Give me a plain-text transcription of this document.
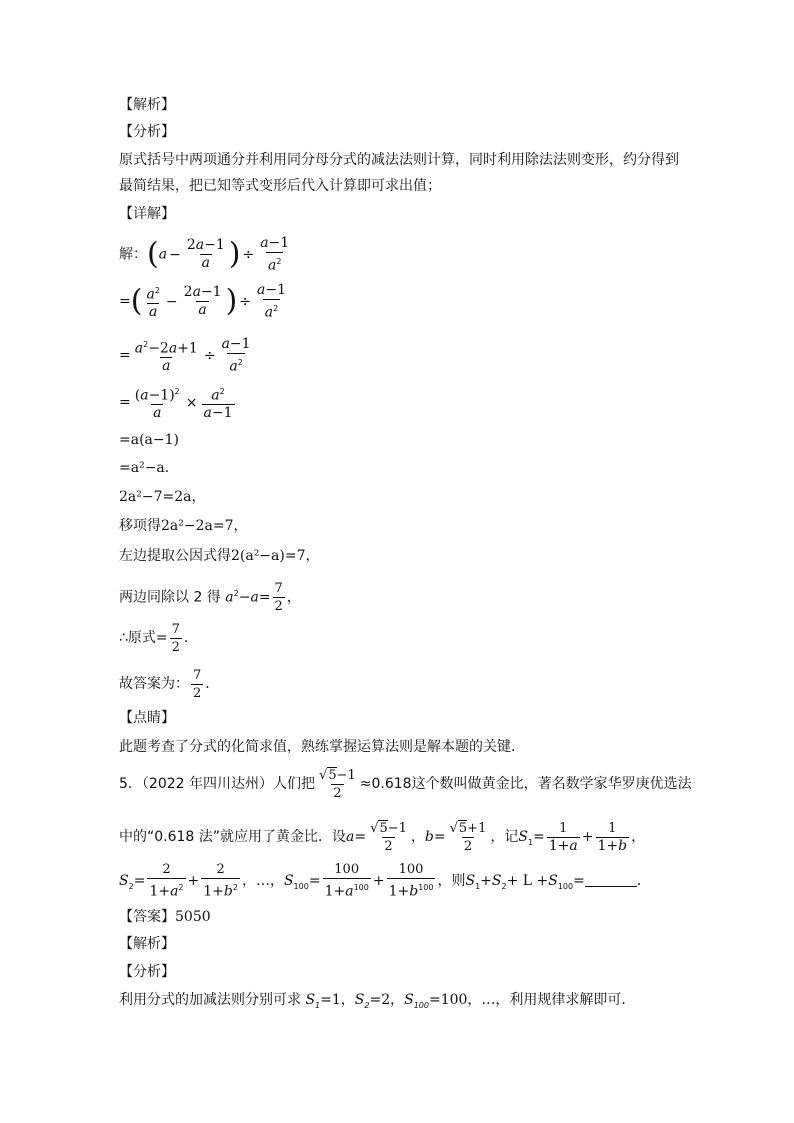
【解析】
【分析】
原式括号中两项通分并利用同分母分式的减法法则计算，同时利用除法法则变形，约分得到最简结果，把已知等式变形后代入计算即可求出值；
【详解】
解：($a - \frac{2a-1}{a}$ ) ÷ $\frac{a-1}{a^2}$
=( $\frac{a^2}{a} - \frac{2a-1}{a}$ ) ÷ $\frac{a-1}{a^2}$
= $\frac{a^2-2a+1}{a} \div \frac{a-1}{a^2}$
= $\frac{(a-1)^2}{a} \times \frac{a^2}{a-1}$
=a(a−1)
=a²−a．
2a²−7=2a，
移项得2a²−2a=7，
左边提取公因式得2(a²−a)=7，
两边同除以 2 得 $a^2-a= \frac{7}{2}$ ，
∴原式= $\frac{7}{2}$ ．
故答案为： $\frac{7}{2}$ ．
【点睛】
此题考查了分式的化简求值，熟练掌握运算法则是解本题的关键．
5．（2022 年四川达州）人们把 $\frac{√5-1}{2} \approx 0.618$这个数叫做黄金比，著名数学家华罗庚优选法
中的“0.618 法”就应用了黄金比．设$a= \frac{√5-1}{2}$ ，$b= \frac{√5+1}{2}$ ，记$S_1= \frac{1}{1+a} + \frac{1}{1+b}$ ，
$S_2= \frac{2}{1+a^2} + \frac{2}{1+b^2}$ ，…，$S_{100}= \frac{100}{1+a^{100}} + \frac{100}{1+b^{100}}$ ，则$S_1+S_2+ L +S_{100}=$	．
【答案】5050
【解析】
【分析】
利用分式的加减法则分别可求 $S_1=1$，$S_2=2$，$S_{100}=100$，…，利用规律求解即可．
